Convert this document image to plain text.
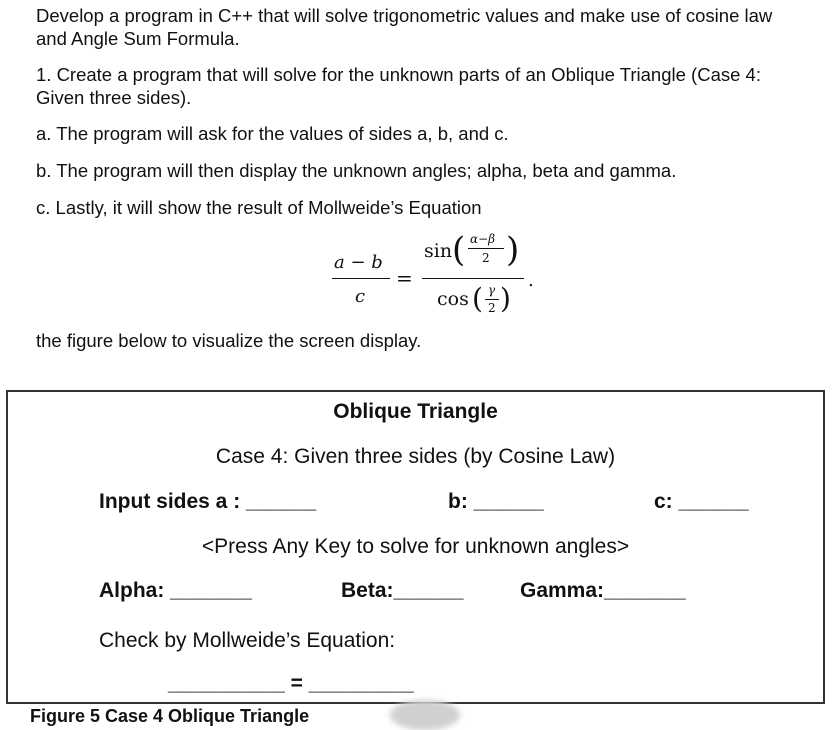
Develop a program in C++ that will solve trigonometric values and make use of cosine law and Angle Sum Formula.

1. Create a program that will solve for the unknown parts of an Oblique Triangle (Case 4: Given three sides).

a. The program will ask for the values of sides a, b, and c.

b. The program will then display the unknown angles; alpha, beta and gamma.

c. Lastly, it will show the result of Mollweide’s Equation

a − b
c
=
sin ( α−β
2 )
.
cos ( γ
2 )

the figure below to visualize the screen display.

Oblique Triangle
Case 4: Given three sides (by Cosine Law)
Input sides a : ______	b: ______	c: ______
<Press Any Key to solve for unknown angles>
Alpha: _______	Beta:______	Gamma:_______
Check by Mollweide’s Equation:
__________ = _________
Figure 5 Case 4 Oblique Triangle
